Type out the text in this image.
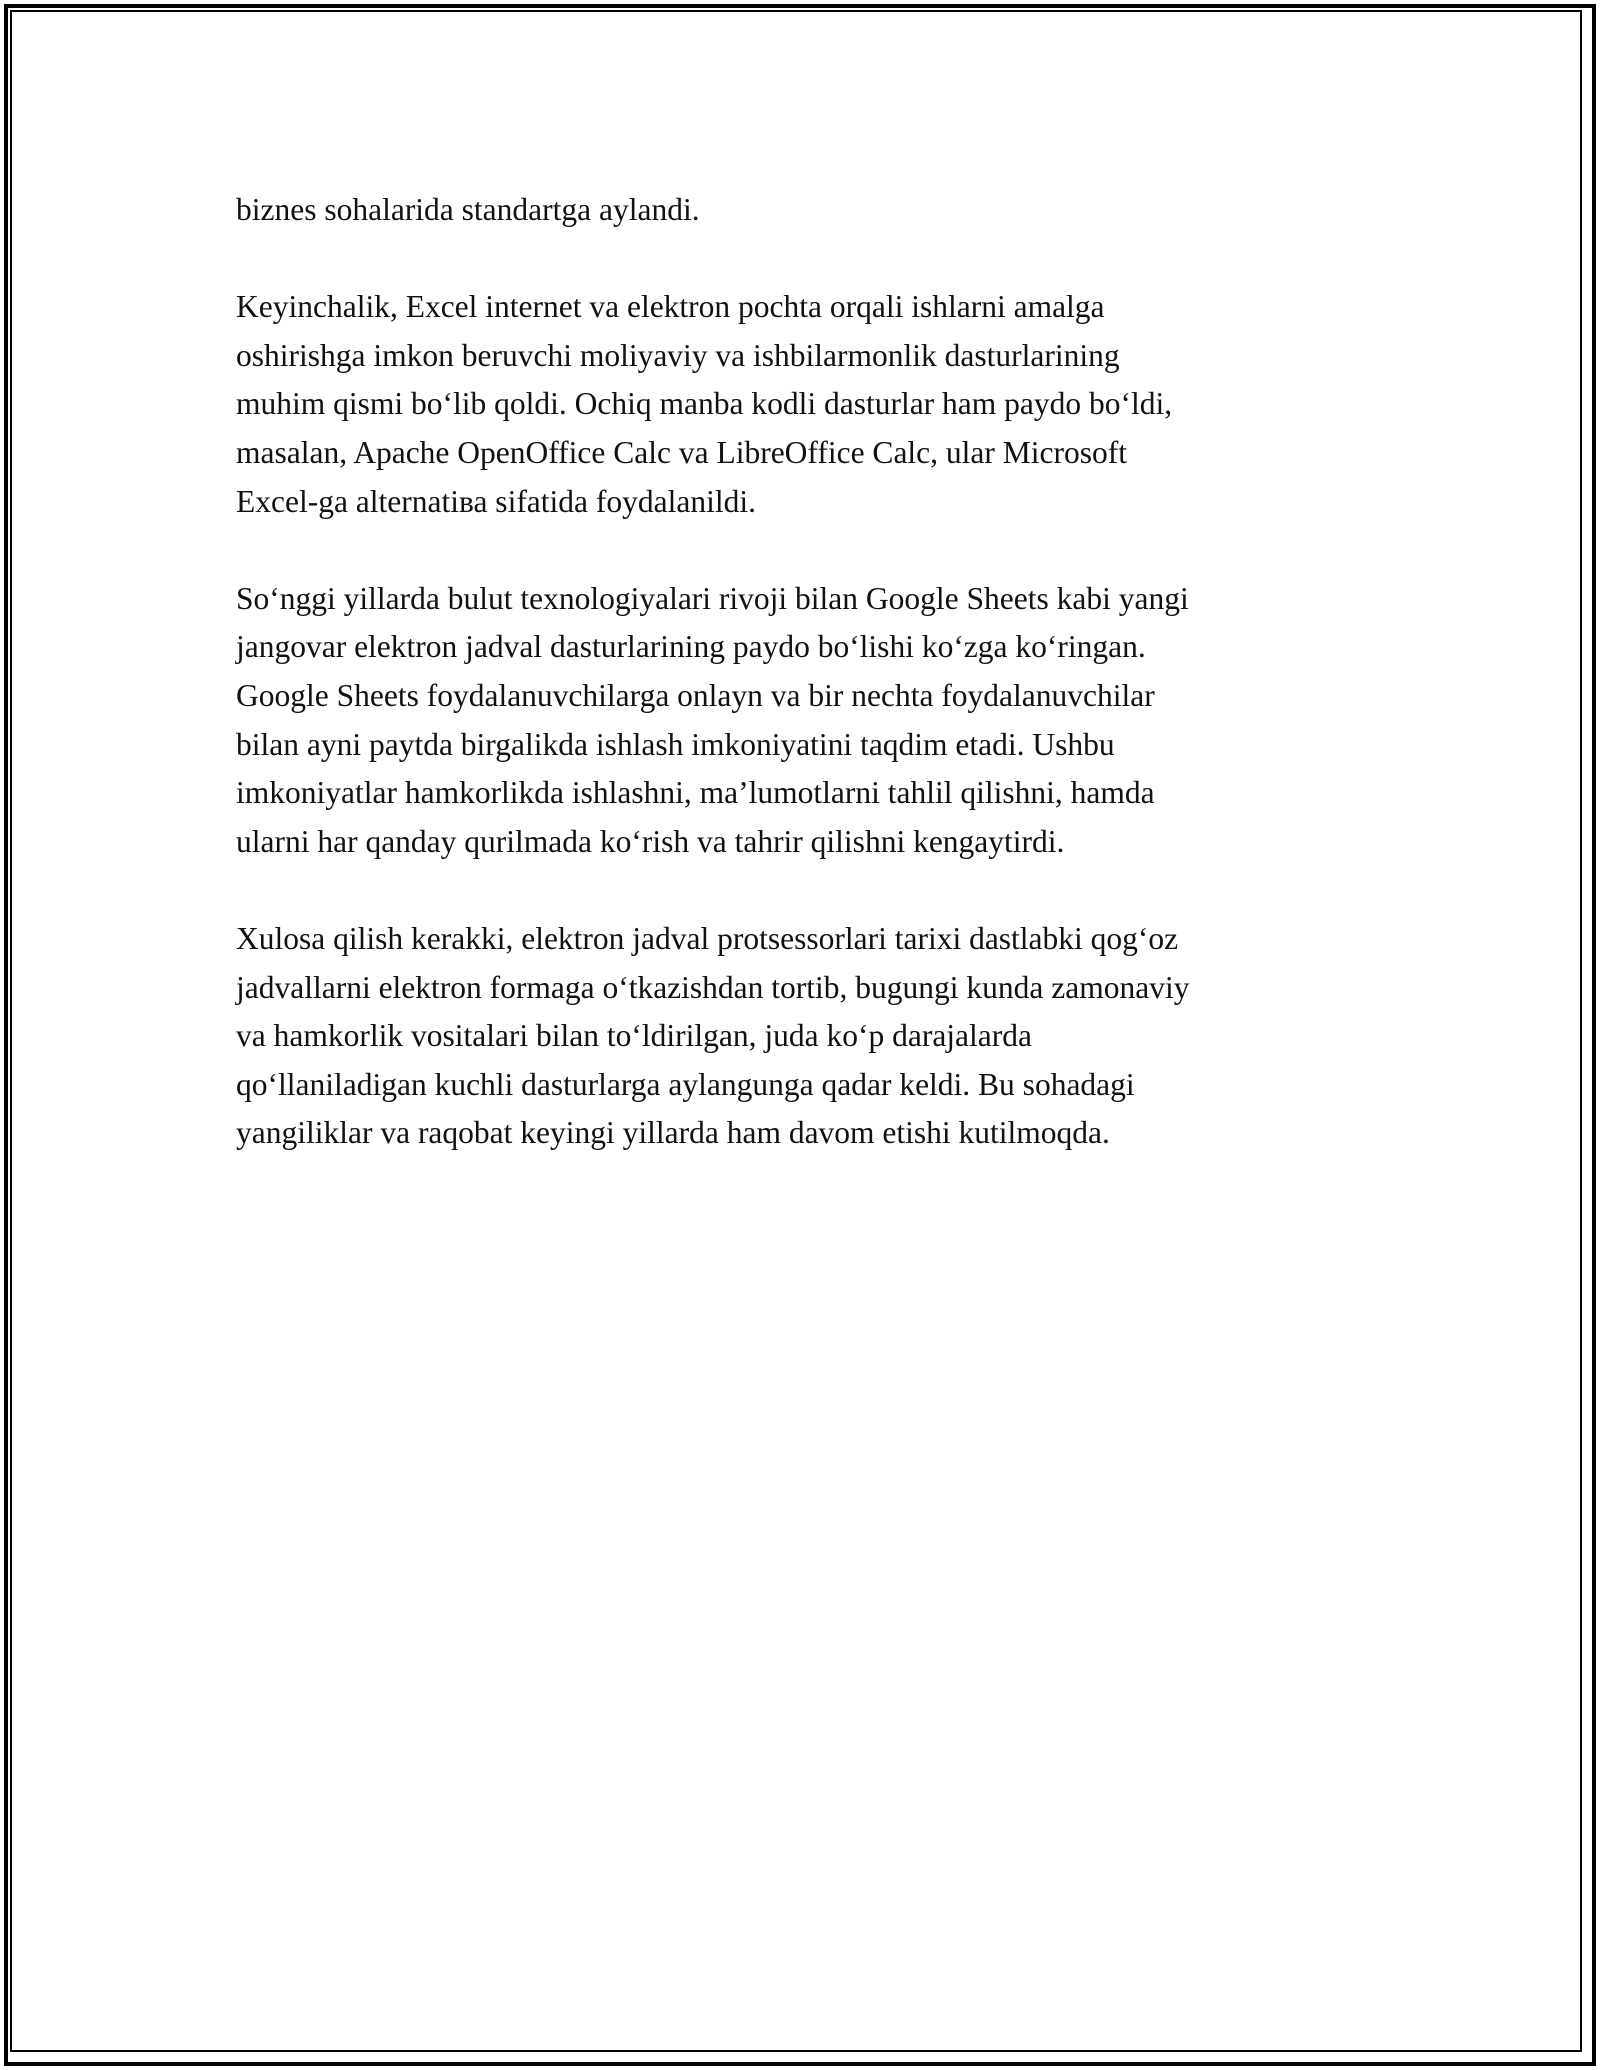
biznes sohalarida standartga aylandi.

Keyinchalik, Excel internet va elektron pochta orqali ishlarni amalga
oshirishga imkon beruvchi moliyaviy va ishbilarmonlik dasturlarining
muhim qismi bo‘lib qoldi. Ochiq manba kodli dasturlar ham paydo bo‘ldi,
masalan, Apache OpenOffice Calc va LibreOffice Calc, ular Microsoft
Excel-ga alternatiва sifatida foydalanildi.

So‘nggi yillarda bulut texnologiyalari rivoji bilan Google Sheets kabi yangi
jangovar elektron jadval dasturlarining paydo bo‘lishi ko‘zga ko‘ringan.
Google Sheets foydalanuvchilarga onlayn va bir nechta foydalanuvchilar
bilan ayni paytda birgalikda ishlash imkoniyatini taqdim etadi. Ushbu
imkoniyatlar hamkorlikda ishlashni, ma’lumotlarni tahlil qilishni, hamda
ularni har qanday qurilmada ko‘rish va tahrir qilishni kengaytirdi.

Xulosa qilish kerakki, elektron jadval protsessorlari tarixi dastlabki qog‘oz
jadvallarni elektron formaga o‘tkazishdan tortib, bugungi kunda zamonaviy
va hamkorlik vositalari bilan to‘ldirilgan, juda ko‘p darajalarda
qo‘llaniladigan kuchli dasturlarga aylangunga qadar keldi. Bu sohadagi
yangiliklar va raqobat keyingi yillarda ham davom etishi kutilmoqda.
